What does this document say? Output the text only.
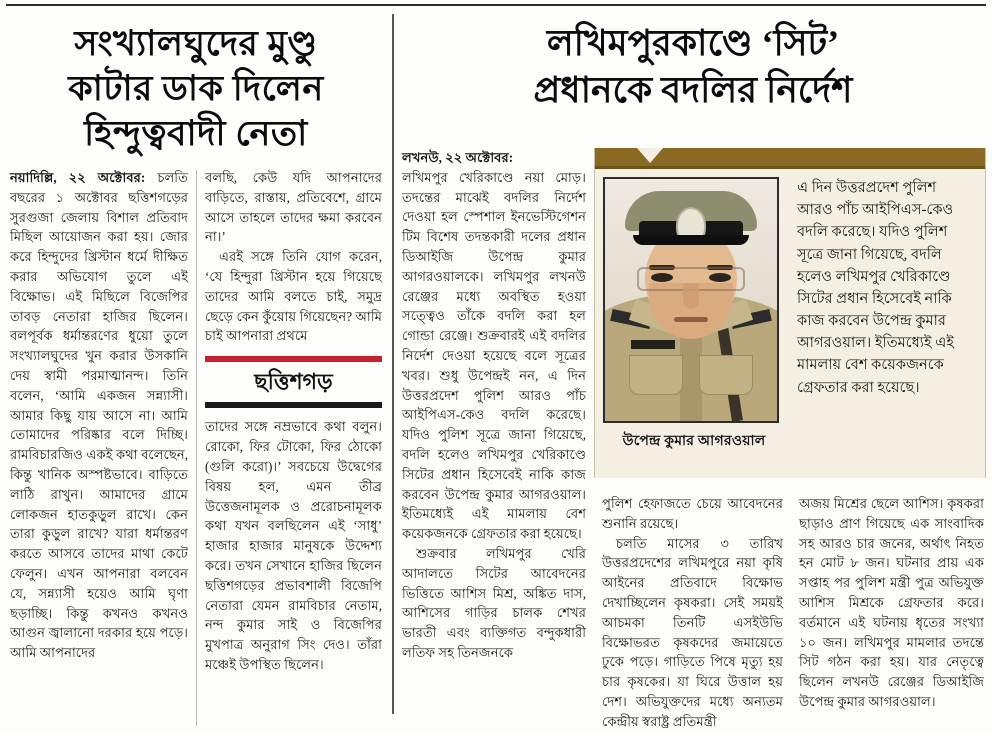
সংখ্যালঘুদের মুণ্ডু
কাটার ডাক দিলেন
হিন্দুত্ববাদী নেতা

নয়াদিল্লি, ২২ অক্টোবর: চলতি বছরের ১ অক্টোবর ছত্তিশগড়ের সুরগুজা জেলায় বিশাল প্রতিবাদ মিছিল আয়োজন করা হয়। জোর করে হিন্দুদের খ্রিস্টান ধর্মে দীক্ষিত করার অভিযোগ তুলে এই বিক্ষোভ। এই মিছিলে বিজেপির তাবড় নেতারা হাজির ছিলেন। বলপূর্বক ধর্মান্তরণের ধুয়ো তুলে সংখ্যালঘুদের খুন করার উসকানি দেয় স্বামী পরমাত্মানন্দ। তিনি বলেন, ‘আমি একজন সন্ন্যাসী। আমার কিছু যায় আসে না। আমি তোমাদের পরিষ্কার বলে দিচ্ছি। রামবিচারজিও একই কথা বলেছেন, কিন্তু খানিক অস্পষ্টভাবে। বাড়িতে লাঠি রাখুন। আমাদের গ্রামে লোকজন হাতকুড়ুল রাখে। কেন তারা কুড়ুল রাখে? যারা ধর্মান্তরণ করতে আসবে তাদের মাথা কেটে ফেলুন। এখন আপনারা বলবেন যে, সন্ন্যাসী হয়েও আমি ঘৃণা ছড়াচ্ছি। কিন্তু কখনও কখনও আগুন জ্বালানো দরকার হয়ে পড়ে। আমি আপনাদের

বলছি, কেউ যদি আপনাদের বাড়িতে, রাস্তায়, প্রতিবেশে, গ্রামে আসে তাহলে তাদের ক্ষমা করবেন না।’

এরই সঙ্গে তিনি যোগ করেন, ‘যে হিন্দুরা খ্রিস্টান হয়ে গিয়েছে তাদের আমি বলতে চাই, সমুদ্র ছেড়ে কেন কুঁয়োয় গিয়েছেন? আমি চাই আপনারা প্রথমে

ছত্তিশগড়

তাদের সঙ্গে নম্রভাবে কথা বলুন। রোকো, ফির টোকো, ফির ঠোকো (গুলি করো)।’ সবচেয়ে উদ্বেগের বিষয় হল, এমন তীব্র উত্তেজনামূলক ও প্ররোচনামূলক কথা যখন বলছিলেন এই ‘সাধু’ হাজার হাজার মানুষকে উদ্দেশ্য করে। তখন সেখানে হাজির ছিলেন ছত্তিশগড়ের প্রভাবশালী বিজেপি নেতারা যেমন রামবিচার নেতাম, নন্দ কুমার সাই ও বিজেপির মুখপাত্র অনুরাগ সিং দেও। তাঁরা মঞ্চেই উপস্থিত ছিলেন।

লখিমপুরকাণ্ডে ‘সিট’
প্রধানকে বদলির নির্দেশ

লখনউ, ২২ অক্টোবর:

লখিমপুর খেরিকাণ্ডে নয়া মোড়। তদন্তের মাঝেই বদলির নির্দেশ দেওয়া হল স্পেশাল ইনভেস্টিগেশন টিম বিশেষ তদন্তকারী দলের প্রধান ডিআইজি উপেন্দ্র কুমার আগরওয়ালকে। লখিমপুর লখনউ রেঞ্জের মধ্যে অবস্থিত হওয়া সত্ত্বেও তাঁকে বদলি করা হল গোন্ডা রেঞ্জে। শুক্রবারই এই বদলির নির্দেশ দেওয়া হয়েছে বলে সূত্রের খবর। শুধু উপেন্দ্রই নন, এ দিন উত্তরপ্রদেশ পুলিশ আরও পাঁচ আইপিএস-কেও বদলি করেছে। যদিও পুলিশ সূত্রে জানা গিয়েছে, বদলি হলেও লখিমপুর খেরিকাণ্ডে সিটের প্রধান হিসেবেই নাকি কাজ করবেন উপেন্দ্র কুমার আগরওয়াল। ইতিমধ্যেই এই মামলায় বেশ কয়েকজনকে গ্রেফতার করা হয়েছে।

শুক্রবার লখিমপুর খেরি আদালতে সিটের আবেদনের ভিত্তিতে আশিস মিশ্র, অঙ্কিত দাস, আশিসের গাড়ির চালক শেখর ভারতী এবং ব্যক্তিগত বন্দুকধারী লতিফ সহ তিনজনকে

উপেন্দ্র কুমার আগরওয়াল
এ দিন উত্তরপ্রদেশ পুলিশ আরও পাঁচ আইপিএস-কেও বদলি করেছে। যদিও পুলিশ সূত্রে জানা গিয়েছে, বদলি হলেও লখিমপুর খেরিকাণ্ডে সিটের প্রধান হিসেবেই নাকি কাজ করবেন উপেন্দ্র কুমার আগরওয়াল। ইতিমধ্যেই এই মামলায় বেশ কয়েকজনকে গ্রেফতার করা হয়েছে।

পুলিশ হেফাজতে চেয়ে আবেদনের শুনানি রয়েছে।

চলতি মাসের ৩ তারিখ উত্তরপ্রদেশের লখিমপুরে নয়া কৃষি আইনের প্রতিবাদে বিক্ষোভ দেখাচ্ছিলেন কৃষকরা। সেই সময়ই আচমকা তিনটি এসইউভি বিক্ষোভরত কৃষকদের জমায়েতে ঢুকে পড়ে। গাড়িতে পিষে মৃত্যু হয় চার কৃষকের। যা ঘিরে উত্তাল হয় দেশ। অভিযুক্তদের মধ্যে অন্যতম কেন্দ্রীয় স্বরাষ্ট্র প্রতিমন্ত্রী

অজয় মিশ্রের ছেলে আশিস। কৃষকরা ছাড়াও প্রাণ গিয়েছে এক সাংবাদিক সহ আরও চার জনের, অর্থাৎ নিহত হন মোট ৮ জন। ঘটনার প্রায় এক সপ্তাহ পর পুলিশ মন্ত্রী পুত্র অভিযুক্ত আশিস মিশ্রকে গ্রেফতার করে। বর্তমানে এই ঘটনায় ধৃতের সংখ্যা ১০ জন। লখিমপুর মামলার তদন্তে সিট গঠন করা হয়। যার নেতৃত্বে ছিলেন লখনউ রেঞ্জের ডিআইজি উপেন্দ্র কুমার আগরওয়াল।
